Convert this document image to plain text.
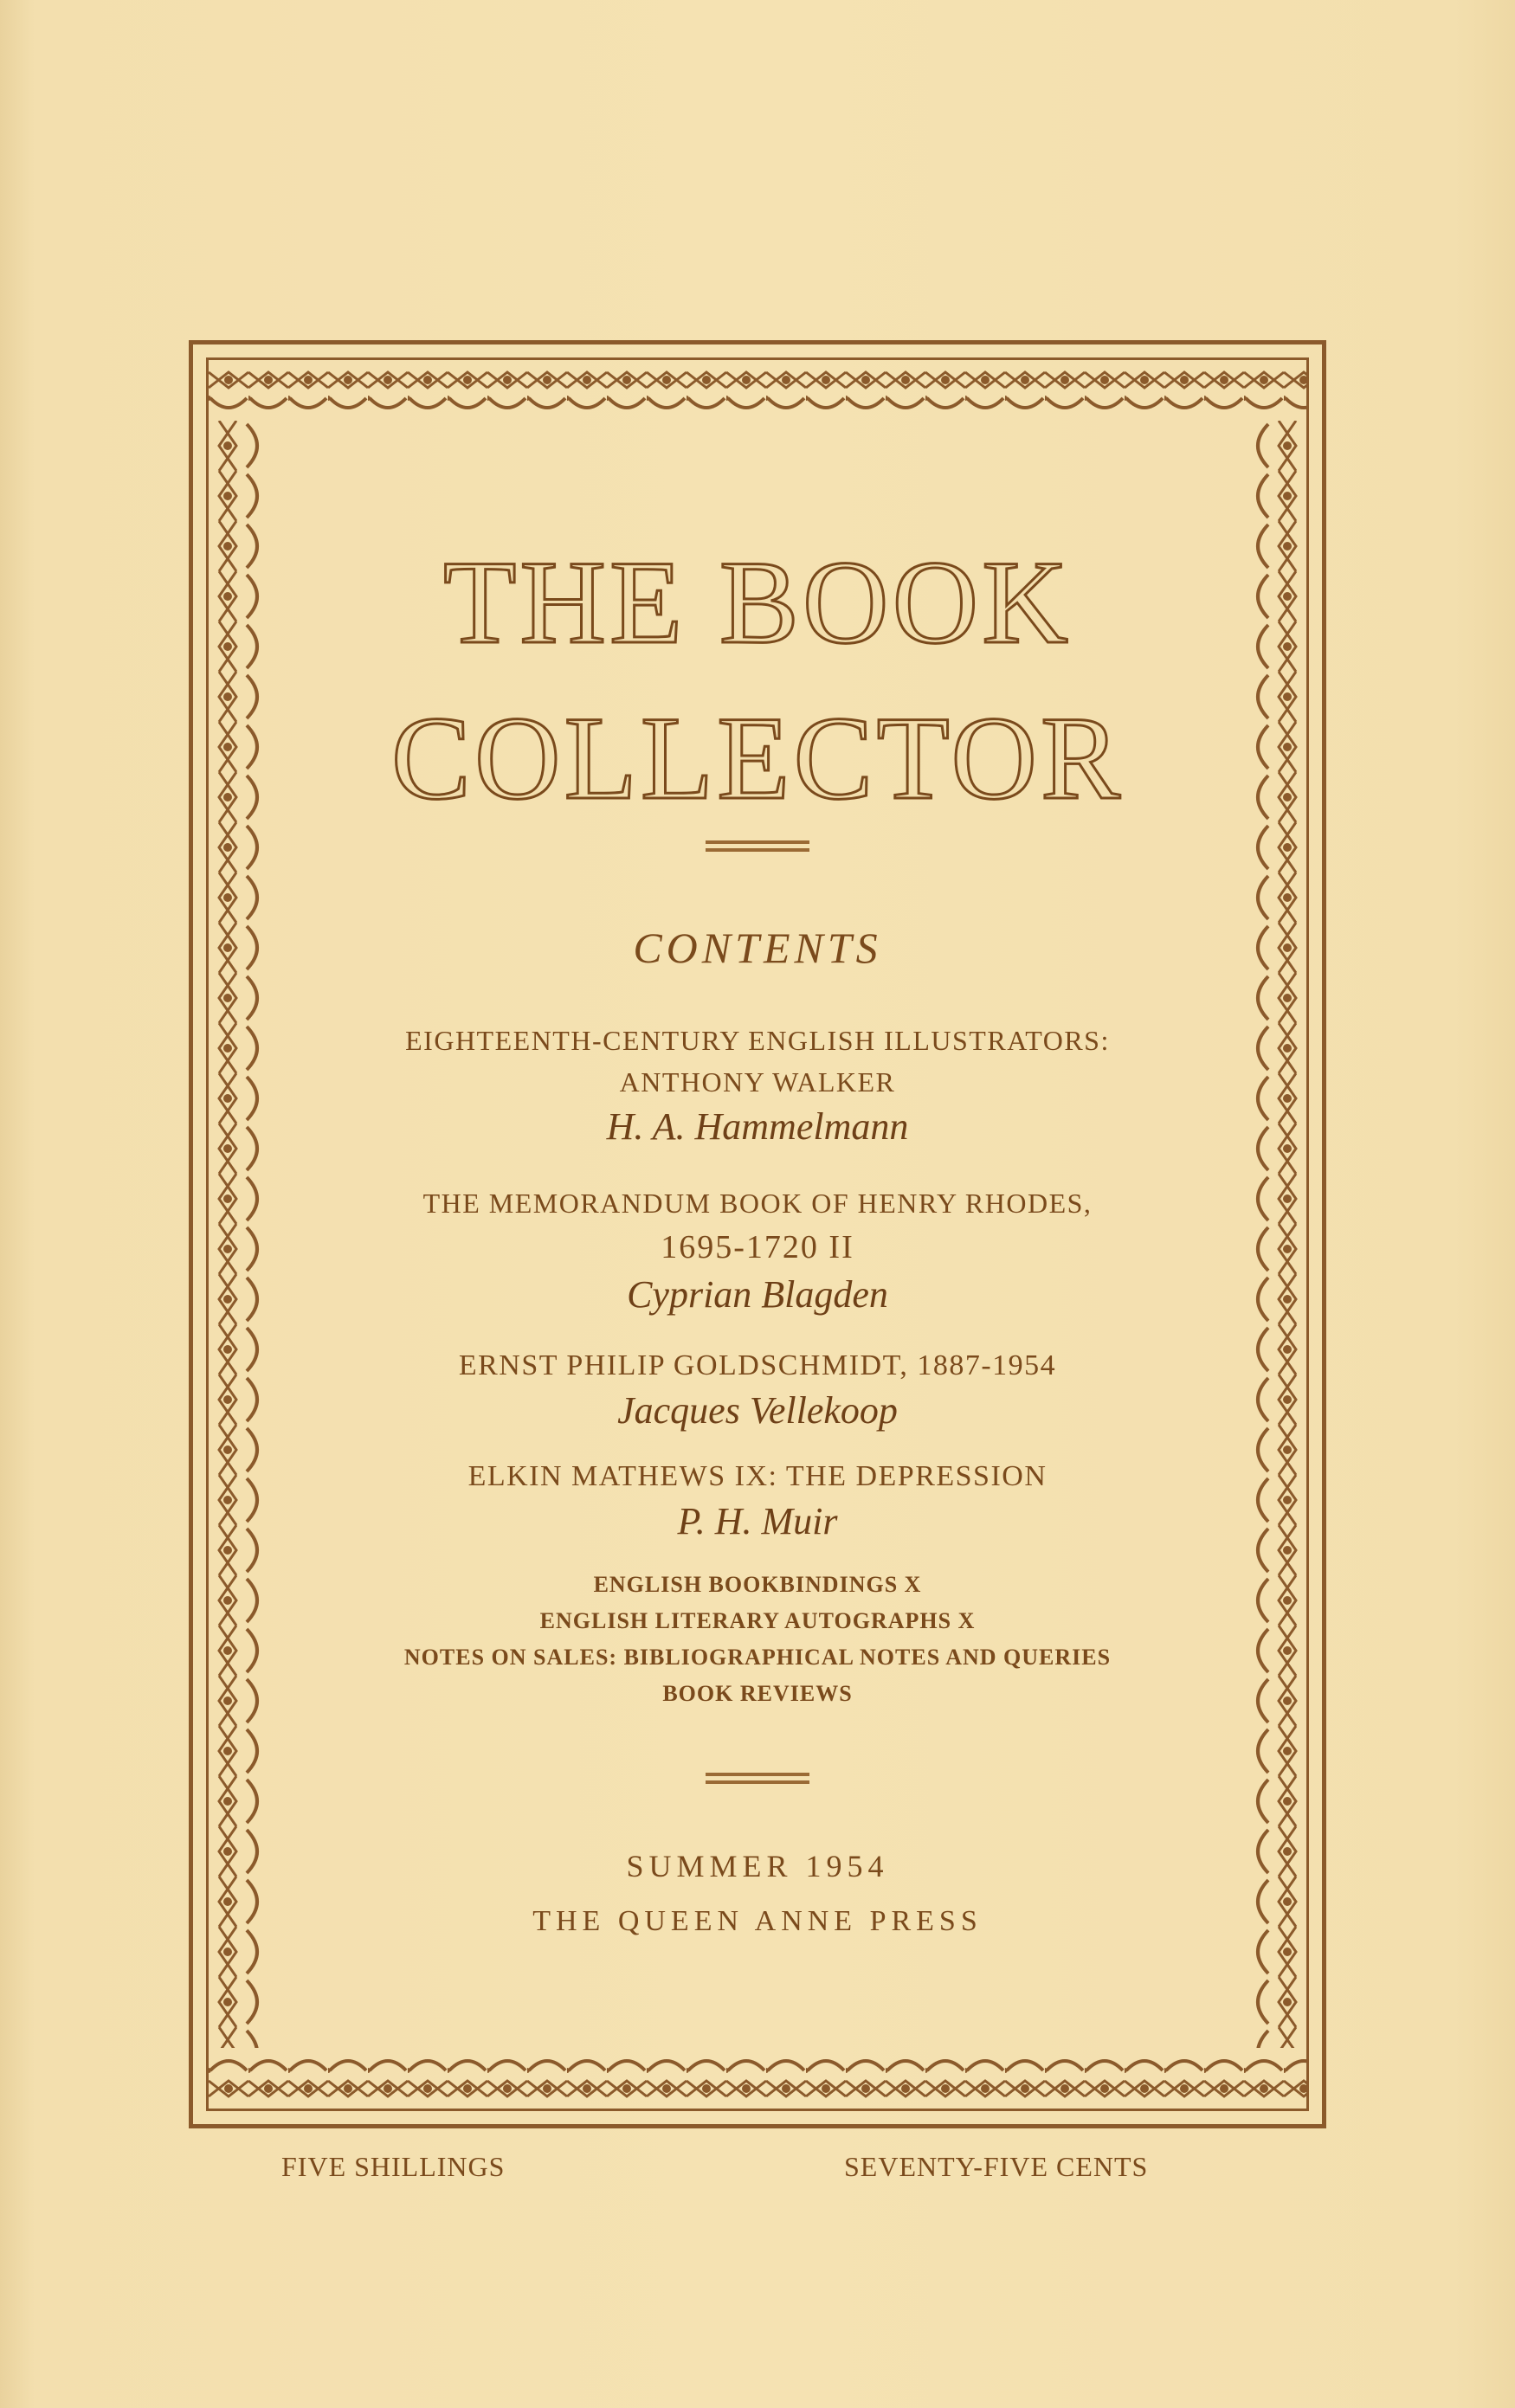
THE BOOK
COLLECTOR
CONTENTS
EIGHTEENTH-CENTURY ENGLISH ILLUSTRATORS:
ANTHONY WALKER
H. A. Hammelmann
THE MEMORANDUM BOOK OF HENRY RHODES,
1695-1720 II
Cyprian Blagden
ERNST PHILIP GOLDSCHMIDT, 1887-1954
Jacques Vellekoop
ELKIN MATHEWS IX: THE DEPRESSION
P. H. Muir
ENGLISH BOOKBINDINGS X
ENGLISH LITERARY AUTOGRAPHS X
NOTES ON SALES: BIBLIOGRAPHICAL NOTES AND QUERIES
BOOK REVIEWS
SUMMER 1954
THE QUEEN ANNE PRESS
FIVE SHILLINGS	SEVENTY-FIVE CENTS
